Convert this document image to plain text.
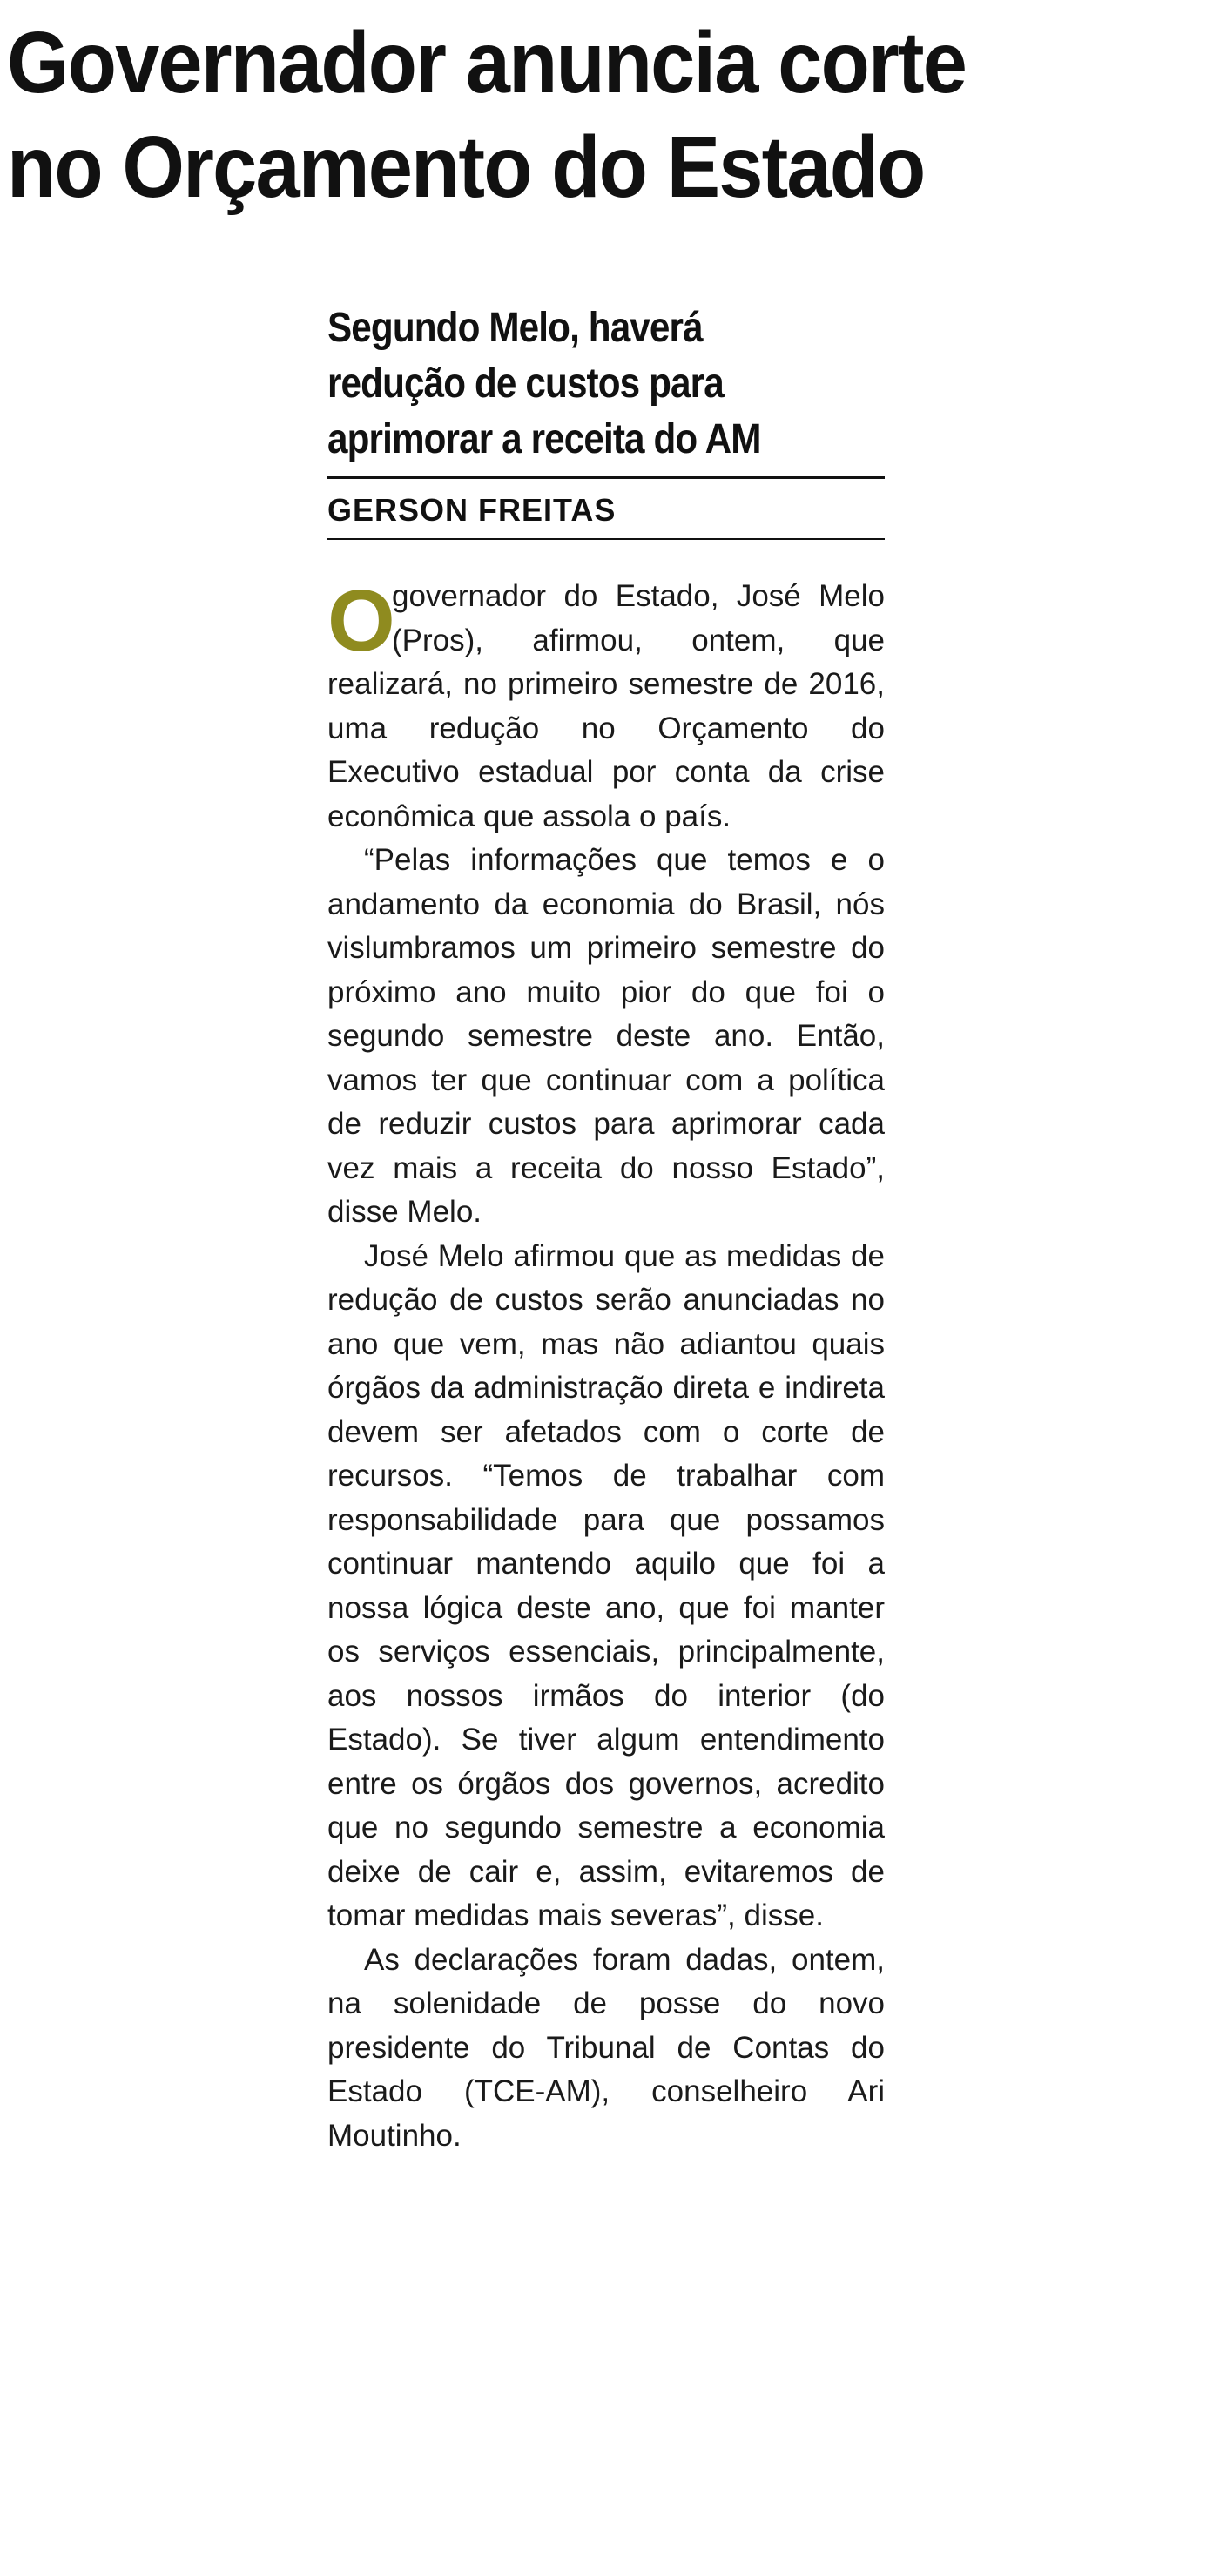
Governador anuncia corte
no Orçamento do Estado
Segundo Melo, haverá
redução de custos para
aprimorar a receita do AM
GERSON FREITAS

O
governador do Estado, José Melo (Pros), afirmou, ontem, que realizará, no primeiro semestre de 2016, uma redução no Orçamento do Executivo estadual por conta da crise econômica que assola o país.

“Pelas informações que temos e o andamento da economia do Brasil, nós vislumbramos um primeiro semestre do próximo ano muito pior do que foi o segundo semestre deste ano. Então, vamos ter que continuar com a política de reduzir custos para aprimorar cada vez mais a receita do nosso Estado”, disse Melo.

José Melo afirmou que as medidas de redução de custos serão anunciadas no ano que vem, mas não adiantou quais órgãos da administração direta e indireta devem ser afetados com o corte de recursos. “Temos de trabalhar com responsabilidade para que possamos continuar mantendo aquilo que foi a nossa lógica deste ano, que foi manter os serviços essenciais, principalmente, aos nossos irmãos do interior (do Estado). Se tiver algum entendimento entre os órgãos dos governos, acredito que no segundo semestre a economia deixe de cair e, assim, evitaremos de tomar medidas mais severas”, disse.

As declarações foram dadas, ontem, na solenidade de posse do novo presidente do Tribunal de Contas do Estado (TCE-AM), conselheiro Ari Moutinho.
